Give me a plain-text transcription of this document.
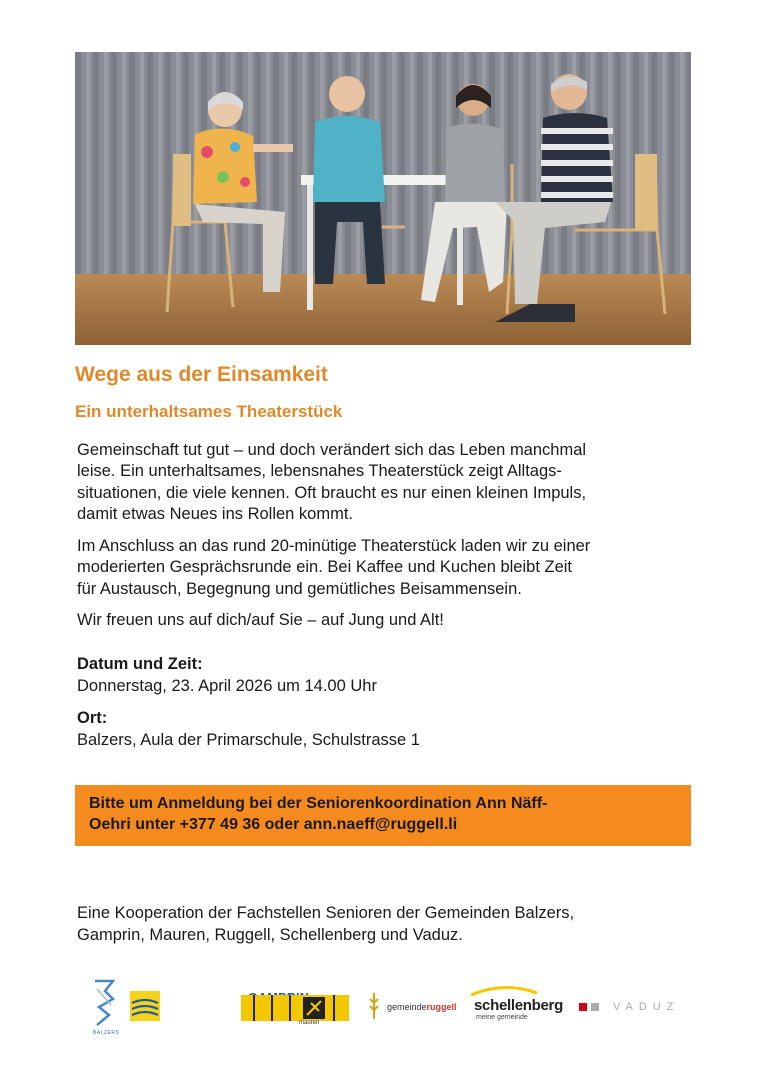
Wege aus der Einsamkeit
Ein unterhaltsames Theaterstück

Gemeinschaft tut gut – und doch verändert sich das Leben manchmal
leise. Ein unterhaltsames, lebensnahes Theaterstück zeigt Alltags-
situationen, die viele kennen. Oft braucht es nur einen kleinen Impuls,
damit etwas Neues ins Rollen kommt.

Im Anschluss an das rund 20-minütige Theaterstück laden wir zu einer
moderierten Gesprächsrunde ein. Bei Kaffee und Kuchen bleibt Zeit
für Austausch, Begegnung und gemütliches Beisammensein.

Wir freuen uns auf dich/auf Sie – auf Jung und Alt!

Datum und Zeit:
Donnerstag, 23. April 2026 um 14.00 Uhr
Ort:
Balzers, Aula der Primarschule, Schulstrasse 1
Bitte um Anmeldung bei der Seniorenkoordination Ann Näff-
Oehri unter +377 49 36 oder ann.naeff@ruggell.li
Eine Kooperation der Fachstellen Senioren der Gemeinden Balzers,
Gamprin, Mauren, Ruggell, Schellenberg und Vaduz.
BALZERS
mauren
gemeinderuggell schellenberg
meine gemeinde
VADUZ
